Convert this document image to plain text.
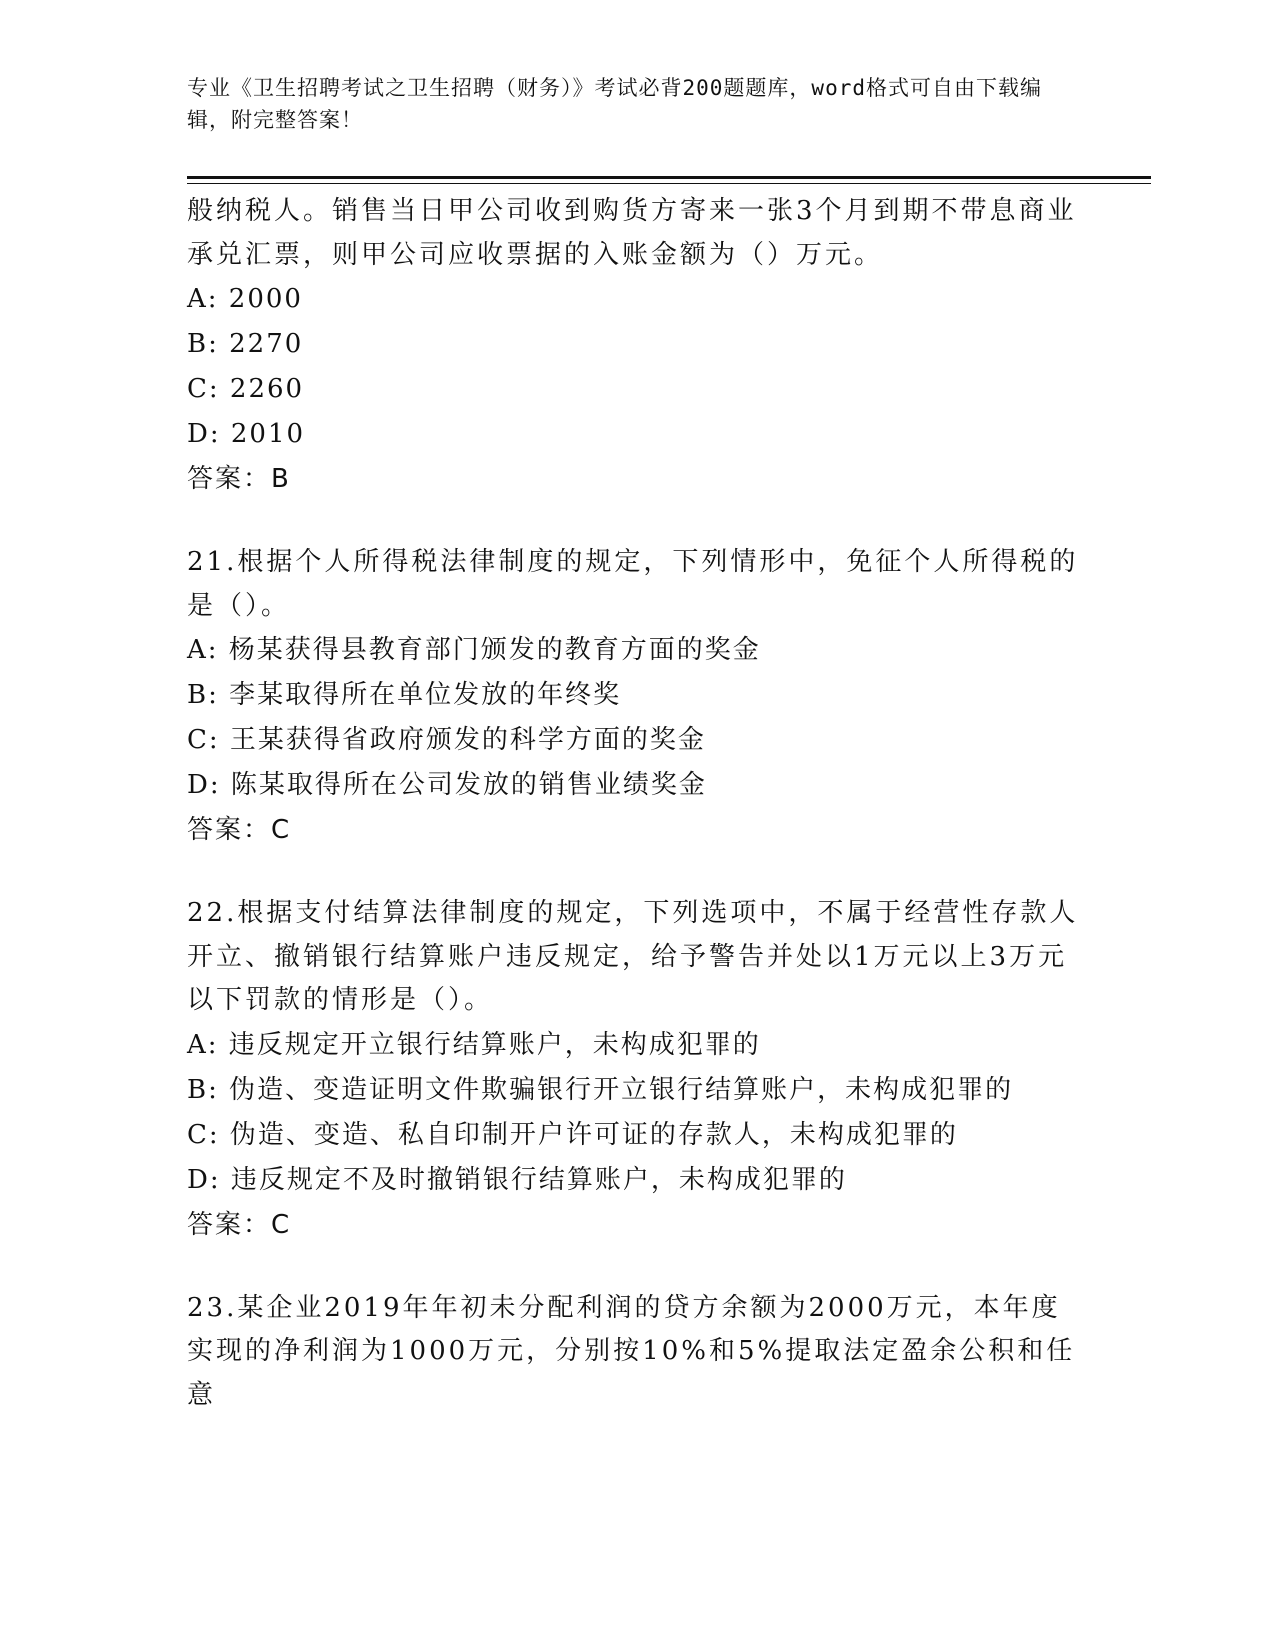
专业《卫生招聘考试之卫生招聘（财务）》考试必背200题题库，word格式可自由下载编辑，附完整答案！
般纳税人。销售当日甲公司收到购货方寄来一张3个月到期不带息商业承兑汇票，则甲公司应收票据的入账金额为（）万元。
A: 2000
B: 2270
C: 2260
D: 2010
答案：B
21.根据个人所得税法律制度的规定，下列情形中，免征个人所得税的是（）。
A: 杨某获得县教育部门颁发的教育方面的奖金
B: 李某取得所在单位发放的年终奖
C: 王某获得省政府颁发的科学方面的奖金
D: 陈某取得所在公司发放的销售业绩奖金
答案：C
22.根据支付结算法律制度的规定，下列选项中，不属于经营性存款人开立、撤销银行结算账户违反规定，给予警告并处以1万元以上3万元以下罚款的情形是（）。
A: 违反规定开立银行结算账户，未构成犯罪的
B: 伪造、变造证明文件欺骗银行开立银行结算账户，未构成犯罪的
C: 伪造、变造、私自印制开户许可证的存款人，未构成犯罪的
D: 违反规定不及时撤销银行结算账户，未构成犯罪的
答案：C
23.某企业2019年年初未分配利润的贷方余额为2000万元，本年度实现的净利润为1000万元，分别按10%和5%提取法定盈余公积和任意
